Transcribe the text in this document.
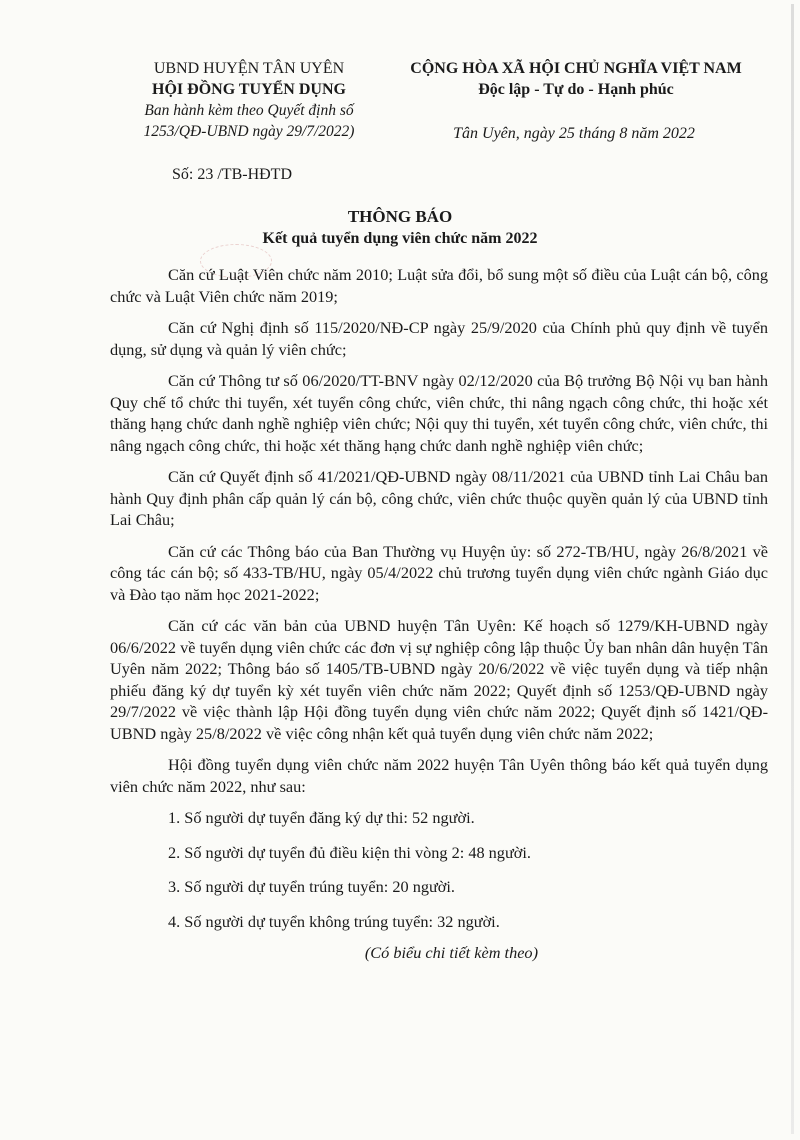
UBND HUYỆN TÂN UYÊN
HỘI ĐỒNG TUYỂN DỤNG
Ban hành kèm theo Quyết định số
1253/QĐ-UBND ngày 29/7/2022)
CỘNG HÒA XÃ HỘI CHỦ NGHĨA VIỆT NAM
Độc lập - Tự do - Hạnh phúc
Tân Uyên, ngày 25 tháng 8 năm 2022
Số: 23 /TB-HĐTD
THÔNG BÁO
Kết quả tuyển dụng viên chức năm 2022

Căn cứ Luật Viên chức năm 2010; Luật sửa đổi, bổ sung một số điều của Luật cán bộ, công chức và Luật Viên chức năm 2019;

Căn cứ Nghị định số 115/2020/NĐ-CP ngày 25/9/2020 của Chính phủ quy định về tuyển dụng, sử dụng và quản lý viên chức;

Căn cứ Thông tư số 06/2020/TT-BNV ngày 02/12/2020 của Bộ trưởng Bộ Nội vụ ban hành Quy chế tổ chức thi tuyển, xét tuyển công chức, viên chức, thi nâng ngạch công chức, thi hoặc xét thăng hạng chức danh nghề nghiệp viên chức; Nội quy thi tuyển, xét tuyển công chức, viên chức, thi nâng ngạch công chức, thi hoặc xét thăng hạng chức danh nghề nghiệp viên chức;

Căn cứ Quyết định số 41/2021/QĐ-UBND ngày 08/11/2021 của UBND tỉnh Lai Châu ban hành Quy định phân cấp quản lý cán bộ, công chức, viên chức thuộc quyền quản lý của UBND tỉnh Lai Châu;

Căn cứ các Thông báo của Ban Thường vụ Huyện ủy: số 272-TB/HU, ngày 26/8/2021 về công tác cán bộ; số 433-TB/HU, ngày 05/4/2022 chủ trương tuyển dụng viên chức ngành Giáo dục và Đào tạo năm học 2021-2022;

Căn cứ các văn bản của UBND huyện Tân Uyên: Kế hoạch số 1279/KH-UBND ngày 06/6/2022 về tuyển dụng viên chức các đơn vị sự nghiệp công lập thuộc Ủy ban nhân dân huyện Tân Uyên năm 2022; Thông báo số 1405/TB-UBND ngày 20/6/2022 về việc tuyển dụng và tiếp nhận phiếu đăng ký dự tuyển kỳ xét tuyển viên chức năm 2022; Quyết định số 1253/QĐ-UBND ngày 29/7/2022 về việc thành lập Hội đồng tuyển dụng viên chức năm 2022; Quyết định số 1421/QĐ-UBND ngày 25/8/2022 về việc công nhận kết quả tuyển dụng viên chức năm 2022;

Hội đồng tuyển dụng viên chức năm 2022 huyện Tân Uyên thông báo kết quả tuyển dụng viên chức năm 2022, như sau:

1. Số người dự tuyển đăng ký dự thi: 52 người.

2. Số người dự tuyển đủ điều kiện thi vòng 2: 48 người.

3. Số người dự tuyển trúng tuyển: 20 người.

4. Số người dự tuyển không trúng tuyển: 32 người.

(Có biểu chi tiết kèm theo)
